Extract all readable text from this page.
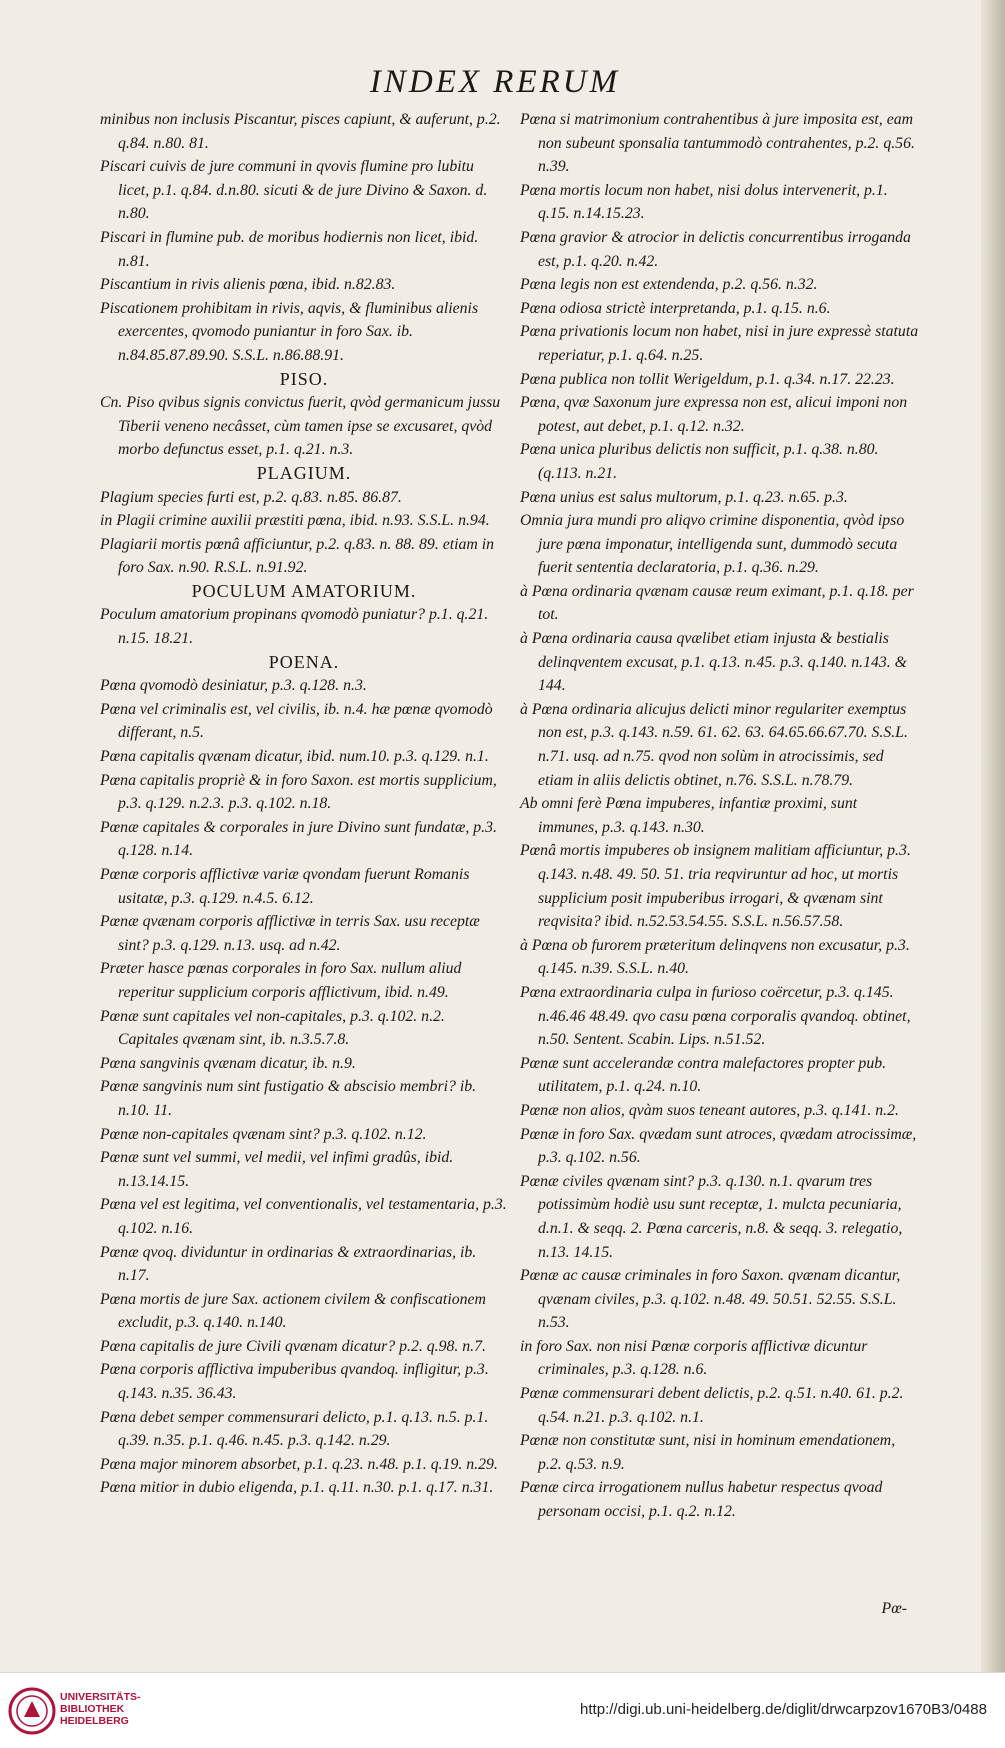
INDEX RERUM

minibus non inclusis Piscantur, pisces capiunt, & auferunt, p.2. q.84. n.80. 81.

Piscari cuivis de jure communi in qvovis flumine pro lubitu licet, p.1. q.84. d.n.80. sicuti & de jure Divino & Saxon. d. n.80.

Piscari in flumine pub. de moribus hodiernis non licet, ibid. n.81.

Piscantium in rivis alienis pœna, ibid. n.82.83.

Piscationem prohibitam in rivis, aqvis, & fluminibus alienis exercentes, qvomodo puniantur in foro Sax. ib. n.84.85.87.89.90. S.S.L. n.86.88.91.

PISO.

Cn. Piso qvibus signis convictus fuerit, qvòd germanicum jussu Tiberii veneno necâsset, cùm tamen ipse se excusaret, qvòd morbo defunctus esset, p.1. q.21. n.3.

PLAGIUM.

Plagium species furti est, p.2. q.83. n.85. 86.87.

in Plagii crimine auxilii præstiti pœna, ibid. n.93. S.S.L. n.94.

Plagiarii mortis pœnâ afficiuntur, p.2. q.83. n. 88. 89. etiam in foro Sax. n.90. R.S.L. n.91.92.

POCULUM AMATORIUM.

Poculum amatorium propinans qvomodò puniatur? p.1. q.21. n.15. 18.21.

POENA.

Pœna qvomodò desiniatur, p.3. q.128. n.3.

Pœna vel criminalis est, vel civilis, ib. n.4. hæ pœnæ qvomodò differant, n.5.

Pœna capitalis qvænam dicatur, ibid. num.10. p.3. q.129. n.1.

Pœna capitalis propriè & in foro Saxon. est mortis supplicium, p.3. q.129. n.2.3. p.3. q.102. n.18.

Pœnæ capitales & corporales in jure Divino sunt fundatæ, p.3. q.128. n.14.

Pœnæ corporis afflictivæ variæ qvondam fuerunt Romanis usitatæ, p.3. q.129. n.4.5. 6.12.

Pœnæ qvænam corporis afflictivæ in terris Sax. usu receptæ sint? p.3. q.129. n.13. usq. ad n.42.

Præter hasce pœnas corporales in foro Sax. nullum aliud reperitur supplicium corporis afflictivum, ibid. n.49.

Pœnæ sunt capitales vel non-capitales, p.3. q.102. n.2. Capitales qvænam sint, ib. n.3.5.7.8.

Pœna sangvinis qvænam dicatur, ib. n.9.

Pœnæ sangvinis num sint fustigatio & abscisio membri? ib. n.10. 11.

Pœnæ non-capitales qvænam sint? p.3. q.102. n.12.

Pœnæ sunt vel summi, vel medii, vel infimi gradûs, ibid. n.13.14.15.

Pœna vel est legitima, vel conventionalis, vel testamentaria, p.3. q.102. n.16.

Pœnæ qvoq. dividuntur in ordinarias & extraordinarias, ib. n.17.

Pœna mortis de jure Sax. actionem civilem & confiscationem excludit, p.3. q.140. n.140.

Pœna capitalis de jure Civili qvænam dicatur? p.2. q.98. n.7.

Pœna corporis afflictiva impuberibus qvandoq. infligitur, p.3. q.143. n.35. 36.43.

Pœna debet semper commensurari delicto, p.1. q.13. n.5. p.1. q.39. n.35. p.1. q.46. n.45. p.3. q.142. n.29.

Pœna major minorem absorbet, p.1. q.23. n.48. p.1. q.19. n.29.

Pœna mitior in dubio eligenda, p.1. q.11. n.30. p.1. q.17. n.31.

Pœna si matrimonium contrahentibus à jure imposita est, eam non subeunt sponsalia tantummodò contrahentes, p.2. q.56. n.39.

Pœna mortis locum non habet, nisi dolus intervenerit, p.1. q.15. n.14.15.23.

Pœna gravior & atrocior in delictis concurrentibus irroganda est, p.1. q.20. n.42.

Pœna legis non est extendenda, p.2. q.56. n.32.

Pœna odiosa strictè interpretanda, p.1. q.15. n.6.

Pœna privationis locum non habet, nisi in jure expressè statuta reperiatur, p.1. q.64. n.25.

Pœna publica non tollit Werigeldum, p.1. q.34. n.17. 22.23.

Pœna, qvæ Saxonum jure expressa non est, alicui imponi non potest, aut debet, p.1. q.12. n.32.

Pœna unica pluribus delictis non sufficit, p.1. q.38. n.80. (q.113. n.21.

Pœna unius est salus multorum, p.1. q.23. n.65. p.3.

Omnia jura mundi pro aliqvo crimine disponentia, qvòd ipso jure pœna imponatur, intelligenda sunt, dummodò secuta fuerit sententia declaratoria, p.1. q.36. n.29.

à Pœna ordinaria qvænam causæ reum eximant, p.1. q.18. per tot.

à Pœna ordinaria causa qvælibet etiam injusta & bestialis delinqventem excusat, p.1. q.13. n.45. p.3. q.140. n.143. & 144.

à Pœna ordinaria alicujus delicti minor regulariter exemptus non est, p.3. q.143. n.59. 61. 62. 63. 64.65.66.67.70. S.S.L. n.71. usq. ad n.75. qvod non solùm in atrocissimis, sed etiam in aliis delictis obtinet, n.76. S.S.L. n.78.79.

Ab omni ferè Pœna impuberes, infantiæ proximi, sunt immunes, p.3. q.143. n.30.

Pœnâ mortis impuberes ob insignem malitiam afficiuntur, p.3. q.143. n.48. 49. 50. 51. tria reqviruntur ad hoc, ut mortis supplicium posit impuberibus irrogari, & qvænam sint reqvisita? ibid. n.52.53.54.55. S.S.L. n.56.57.58.

à Pœna ob furorem præteritum delinqvens non excusatur, p.3. q.145. n.39. S.S.L. n.40.

Pœna extraordinaria culpa in furioso coërcetur, p.3. q.145. n.46.46 48.49. qvo casu pœna corporalis qvandoq. obtinet, n.50. Sentent. Scabin. Lips. n.51.52.

Pœnæ sunt accelerandæ contra malefactores propter pub. utilitatem, p.1. q.24. n.10.

Pœnæ non alios, qvàm suos teneant autores, p.3. q.141. n.2.

Pœnæ in foro Sax. qvædam sunt atroces, qvædam atrocissimæ, p.3. q.102. n.56.

Pœnæ civiles qvænam sint? p.3. q.130. n.1. qvarum tres potissimùm hodiè usu sunt receptæ, 1. mulcta pecuniaria, d.n.1. & seqq. 2. Pœna carceris, n.8. & seqq. 3. relegatio, n.13. 14.15.

Pœnæ ac causæ criminales in foro Saxon. qvænam dicantur, qvænam civiles, p.3. q.102. n.48. 49. 50.51. 52.55. S.S.L. n.53.

in foro Sax. non nisi Pœnæ corporis afflictivæ dicuntur criminales, p.3. q.128. n.6.

Pœnæ commensurari debent delictis, p.2. q.51. n.40. 61. p.2. q.54. n.21. p.3. q.102. n.1.

Pœnæ non constitutæ sunt, nisi in hominum emendationem, p.2. q.53. n.9.

Pœnæ circa irrogationem nullus habetur respectus qvoad personam occisi, p.1. q.2. n.12.

Pœ-
UNIVERSITÄTS-
BIBLIOTHEK
HEIDELBERG
http://digi.ub.uni-heidelberg.de/diglit/drwcarpzov1670B3/0488
